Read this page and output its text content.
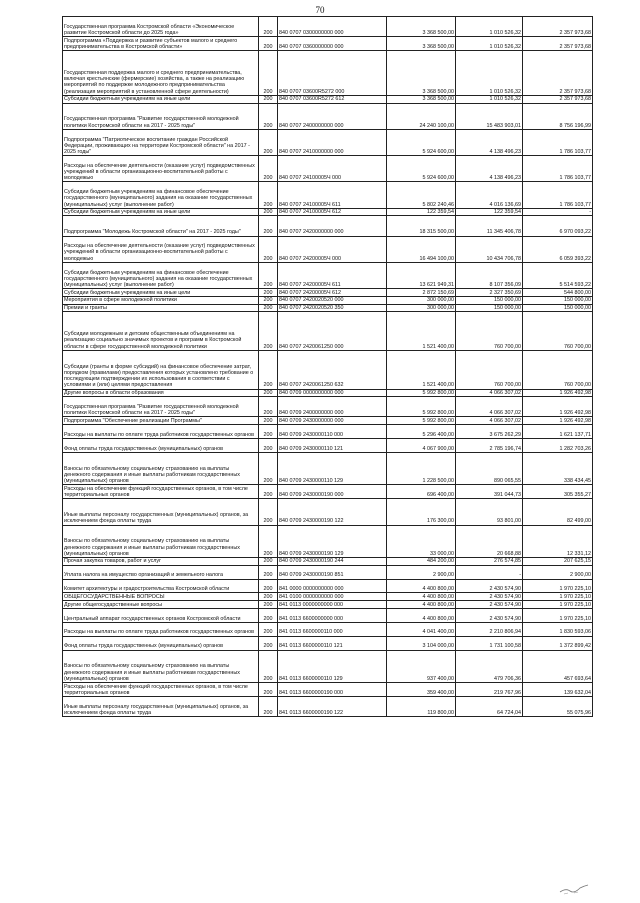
70
Государственная программа Костромской области «Экономическое развитие Костромской области до 2025 года»	200	840 0707 0300000000 000	3 368 500,00	1 010 526,32	2 357 973,68
Подпрограмма «Поддержка и развитие субъектов малого и среднего предпринимательства в Костромской области»	200	840 0707 0360000000 000	3 368 500,00	1 010 526,32	2 357 973,68
Государственная поддержка малого и среднего предпринимательства, включая крестьянские (фермерские) хозяйства, а также на реализацию мероприятий по поддержке молодежного предпринимательства (реализация мероприятий в установленной сфере деятельности)	200	840 0707 03600R5272 000	3 368 500,00	1 010 526,32	2 357 973,68
Субсидии бюджетным учреждениям на иные цели	200	840 0707 03600R5272 612	3 368 500,00	1 010 526,32	2 357 973,68
Государственная программа "Развитие государственной молодежной политики Костромской области на 2017 - 2025 годы"	200	840 0707 2400000000 000	24 240 100,00	15 483 903,01	8 756 196,99
Подпрограмма "Патриотическое воспитание граждан Российской Федерации, проживающих на территории Костромской области" на 2017 - 2025 годы"	200	840 0707 2410000000 000	5 924 600,00	4 138 496,23	1 786 103,77
Расходы на обеспечение деятельности (оказание услуг) подведомственных учреждений в области организационно-воспитательной работы с молодежью	200	840 0707 24100005Ч 000	5 924 600,00	4 138 496,23	1 786 103,77
Субсидии бюджетным учреждениям на финансовое обеспечение государственного (муниципального) задания на оказание государственных (муниципальных) услуг (выполнение работ)	200	840 0707 24100005Ч 611	5 802 240,46	4 016 136,69	1 786 103,77
Субсидии бюджетным учреждениям на иные цели	200	840 0707 24100005Ч 612	122 359,54	122 359,54	-
Подпрограмма "Молодежь Костромской области" на 2017 - 2025 годы"	200	840 0707 2420000000 000	18 315 500,00	11 345 406,78	6 970 093,22
Расходы на обеспечение деятельности (оказание услуг) подведомственных учреждений в области организационно-воспитательной работы с молодежью	200	840 0707 24200005Ч 000	16 494 100,00	10 434 706,78	6 059 393,22
Субсидии бюджетным учреждениям на финансовое обеспечение государственного (муниципального) задания на оказание государственных (муниципальных) услуг (выполнение работ)	200	840 0707 24200005Ч 611	13 621 949,31	8 107 356,09	5 514 593,22
Субсидии бюджетным учреждениям на иные цели	200	840 0707 24200005Ч 612	2 872 150,69	2 327 350,69	544 800,00
Мероприятия в сфере молодежной политики	200	840 0707 2420020520 000	300 000,00	150 000,00	150 000,00
Премии и гранты	200	840 0707 2420020520 350	300 000,00	150 000,00	150 000,00
Субсидии молодежным и детским общественным объединениям на реализацию социально значимых проектов и программ в Костромской области в сфере государственной молодежной политики	200	840 0707 2420061250 000	1 521 400,00	760 700,00	760 700,00
Субсидии (гранты в форме субсидий) на финансовое обеспечение затрат, порядком (правилами) предоставления которых установлено требование о последующем подтверждении их использования в соответствии с условиями и (или) целями предоставления	200	840 0707 2420061250 632	1 521 400,00	760 700,00	760 700,00
Другие вопросы в области образования	200	840 0709 0000000000 000	5 992 800,00	4 066 307,02	1 926 492,98
Государственная программа "Развитие государственной молодежной политики Костромской области на 2017 - 2025 годы"	200	840 0709 2400000000 000	5 992 800,00	4 066 307,02	1 926 492,98
Подпрограмма "Обеспечение реализации Программы"	200	840 0709 2430000000 000	5 992 800,00	4 066 307,02	1 926 492,98
Расходы на выплаты по оплате труда работников государственных органов	200	840 0709 2430000110 000	5 296 400,00	3 675 262,29	1 621 137,71
Фонд оплаты труда государственных (муниципальных) органов	200	840 0709 2430000110 121	4 067 900,00	2 785 196,74	1 282 703,26
Взносы по обязательному социальному страхованию на выплаты денежного содержания и иные выплаты работникам государственных (муниципальных) органов	200	840 0709 2430000110 129	1 228 500,00	890 065,55	338 434,45
Расходы на обеспечение функций государственных органов, в том числе территориальных органов	200	840 0709 2430000190 000	696 400,00	391 044,73	305 355,27
Иные выплаты персоналу государственных (муниципальных) органов, за исключением фонда оплаты труда	200	840 0709 2430000190 122	176 300,00	93 801,00	82 499,00
Взносы по обязательному социальному страхованию на выплаты денежного содержания и иные выплаты работникам государственных (муниципальных) органов	200	840 0709 2430000190 129	33 000,00	20 668,88	12 331,12
Прочая закупка товаров, работ и услуг	200	840 0709 2430000190 244	484 200,00	276 574,85	207 625,15
Уплата налога на имущество организаций и земельного налога	200	840 0709 2430000190 851	2 900,00	-	2 900,00
Комитет архитектуры и градостроительства Костромской области	200	841 0000 0000000000 000	4 400 800,00	2 430 574,90	1 970 225,10
ОБЩЕГОСУДАРСТВЕННЫЕ ВОПРОСЫ	200	841 0100 0000000000 000	4 400 800,00	2 430 574,90	1 970 225,10
Другие общегосударственные вопросы	200	841 0113 0000000000 000	4 400 800,00	2 430 574,90	1 970 225,10
Центральный аппарат государственных органов Костромской области	200	841 0113 6600000000 000	4 400 800,00	2 430 574,90	1 970 225,10
Расходы на выплаты по оплате труда работников государственных органов	200	841 0113 6600000110 000	4 041 400,00	2 210 806,94	1 830 593,06
Фонд оплаты труда государственных (муниципальных) органов	200	841 0113 6600000110 121	3 104 000,00	1 731 100,58	1 372 899,42
Взносы по обязательному социальному страхованию на выплаты денежного содержания и иные выплаты работникам государственных (муниципальных) органов	200	841 0113 6600000110 129	937 400,00	479 706,36	457 693,64
Расходы на обеспечение функций государственных органов, в том числе территориальных органов	200	841 0113 6600000190 000	359 400,00	219 767,96	139 632,04
Иные выплаты персоналу государственных (муниципальных) органов, за исключением фонда оплаты труда	200	841 0113 6600000190 122	119 800,00	64 724,04	55 075,96
